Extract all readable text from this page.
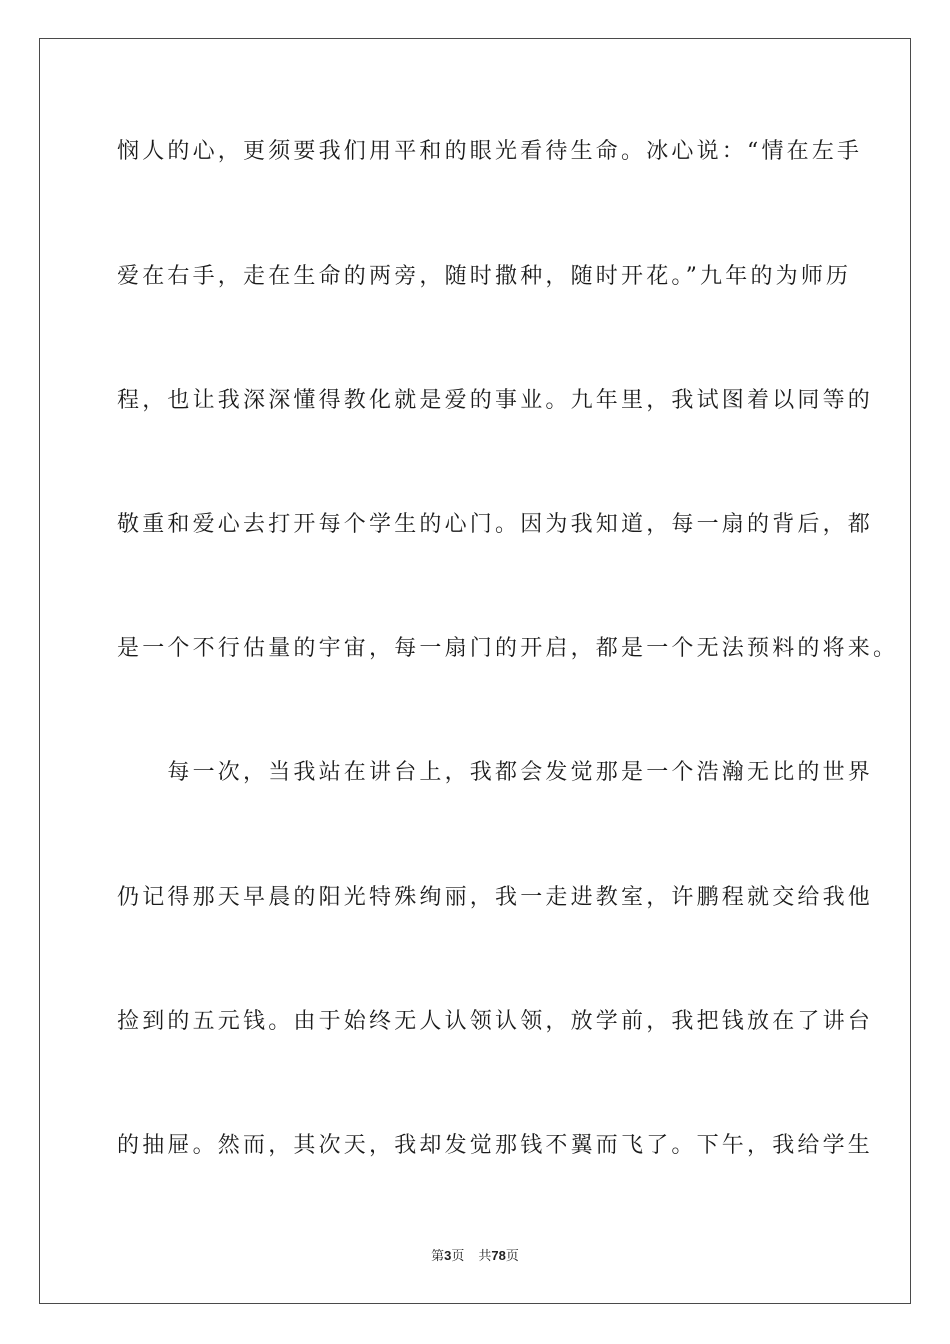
悯人的心，更须要我们用平和的眼光看待生命。冰心说：“情在左手
爱在右手，走在生命的两旁，随时撒种，随时开花。”九年的为师历
程，也让我深深懂得教化就是爱的事业。九年里，我试图着以同等的
敬重和爱心去打开每个学生的心门。因为我知道，每一扇的背后，都
是一个不行估量的宇宙，每一扇门的开启，都是一个无法预料的将来。
　　每一次，当我站在讲台上，我都会发觉那是一个浩瀚无比的世界
仍记得那天早晨的阳光特殊绚丽，我一走进教室，许鹏程就交给我他
捡到的五元钱。由于始终无人认领认领，放学前，我把钱放在了讲台
的抽屉。然而，其次天，我却发觉那钱不翼而飞了。下午，我给学生
第3页 共78页
